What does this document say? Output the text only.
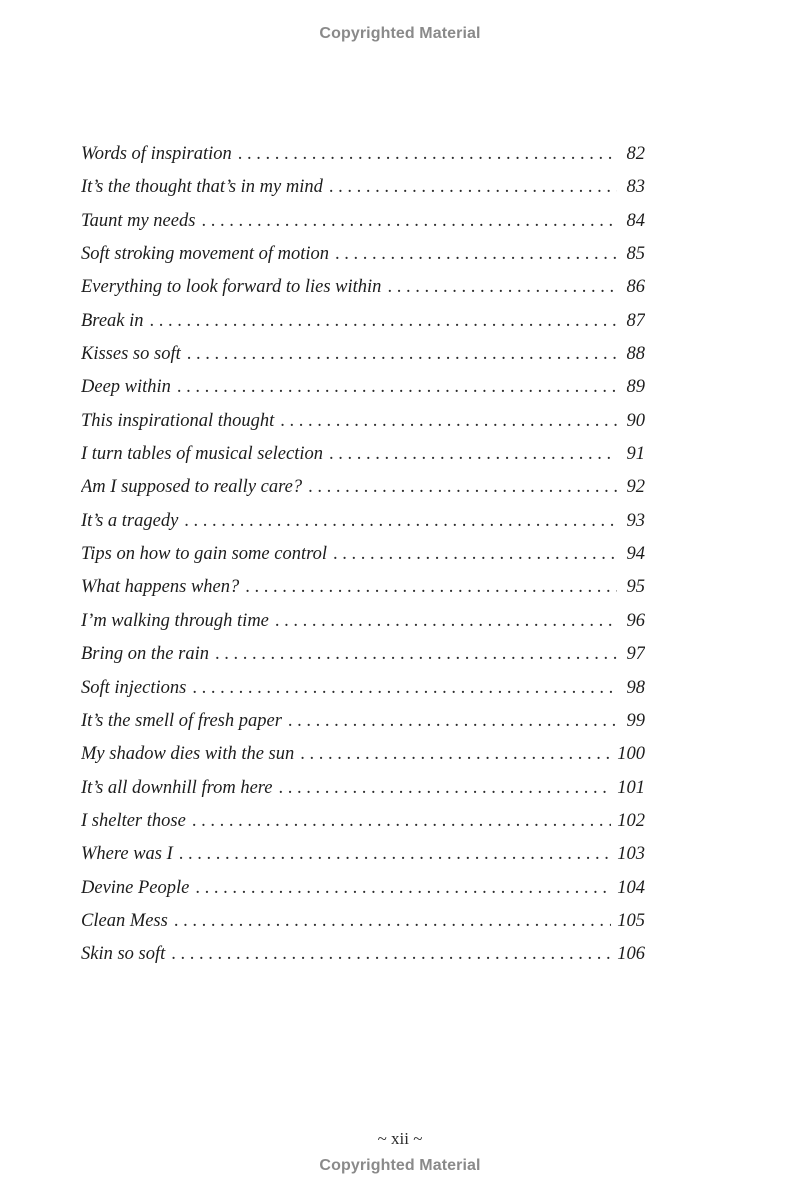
Copyrighted Material
Words of inspiration . . .	82
It’s the thought that’s in my mind . . .	83
Taunt my needs . . .	84
Soft stroking movement of motion . . .	85
Everything to look forward to lies within . . .	86
Break in . . .	87
Kisses so soft . . .	88
Deep within . . .	89
This inspirational thought . . .	90
I turn tables of musical selection . . .	91
Am I supposed to really care? . . .	92
It’s a tragedy . . .	93
Tips on how to gain some control . . .	94
What happens when? . . .	95
I’m walking through time . . .	96
Bring on the rain . . .	97
Soft injections . . .	98
It’s the smell of fresh paper . . .	99
My shadow dies with the sun . . .	100
It’s all downhill from here . . .	101
I shelter those . . .	102
Where was I . . .	103
Devine People . . .	104
Clean Mess . . .	105
Skin so soft . . .	106
~ xii ~
Copyrighted Material
